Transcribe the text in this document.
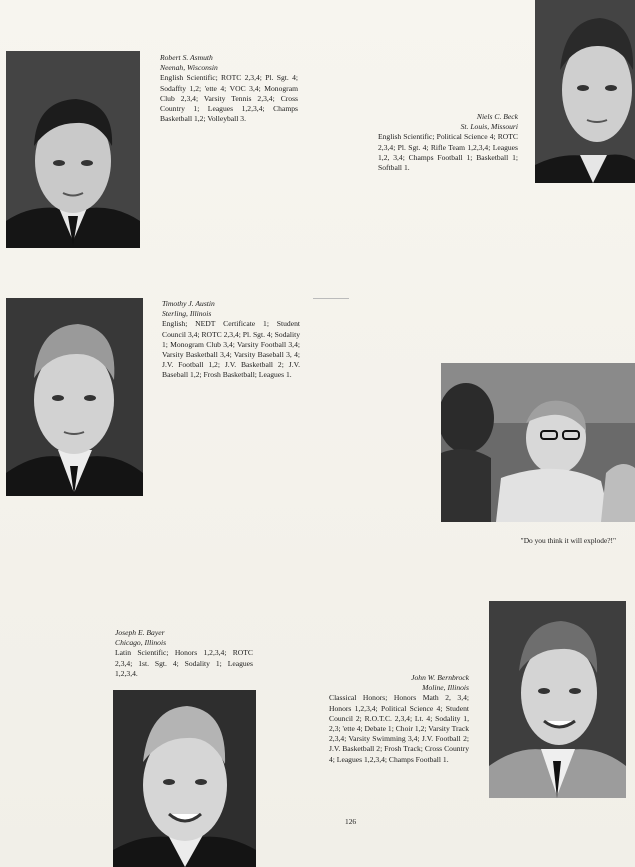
Robert S. Asmuth
Neenah, Wisconsin
English Scientific; ROTC 2,3,4; Pl. Sgt. 4; Sodaffty 1,2; 'ette 4; VOC 3,4; Monogram Club 2,3,4; Varsity Tennis 2,3,4; Cross Country 1; Leagues 1,2,3,4; Champs Basketball 1,2; Volleyball 3.	Niels C. Beck
St. Louis, Missouri
English Scientific; Political Science 4; ROTC 2,3,4; Pl. Sgt. 4; Rifle Team 1,2,3,4; Leagues 1,2, 3,4; Champs Football 1; Basketball 1; Softball 1.
Timothy J. Austin
Sterling, Illinois
English; NEDT Certificate 1; Student Council 3,4; ROTC 2,3,4; Pl. Sgt. 4; Sodality 1; Monogram Club 3,4; Varsity Football 3,4; Varsity Basketball 3,4; Varsity Baseball 3, 4; J.V. Football 1,2; J.V. Basketball 2; J.V. Baseball 1,2; Frosh Basketball; Leagues 1.
"Do you think it will explode?!"
Joseph E. Bayer
Chicago, Illinois
Latin Scientific; Honors 1,2,3,4; ROTC 2,3,4; 1st. Sgt. 4; Sodality 1; Leagues 1,2,3,4.	John W. Bernbrock
Moline, Illinois
Classical Honors; Honors Math 2, 3,4; Honors 1,2,3,4; Political Science 4; Student Council 2; R.O.T.C. 2,3,4; Lt. 4; Sodality 1, 2,3; 'ette 4; Debate 1; Choir 1,2; Varsity Track 2,3,4; Varsity Swimming 3,4; J.V. Football 2; J.V. Basketball 2; Frosh Track; Cross Country 4; Leagues 1,2,3,4; Champs Football 1.
126
